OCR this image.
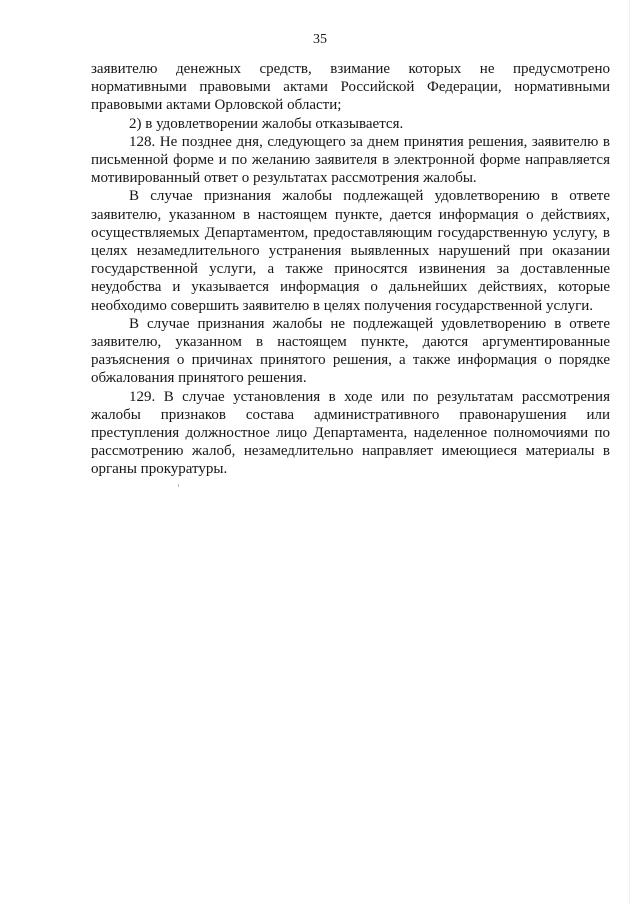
35

заявителю денежных средств, взимание которых не предусмотрено нормативными правовыми актами Российской Федерации, нормативными правовыми актами Орловской области;

2) в удовлетворении жалобы отказывается.

128. Не позднее дня, следующего за днем принятия решения, заявителю в письменной форме и по желанию заявителя в электронной форме направляется мотивированный ответ о результатах рассмотрения жалобы.

В случае признания жалобы подлежащей удовлетворению в ответе заявителю, указанном в настоящем пункте, дается информация о действиях, осуществляемых Департаментом, предоставляющим государственную услугу, в целях незамедлительного устранения выявленных нарушений при оказании государственной услуги, а также приносятся извинения за доставленные неудобства и указывается информация о дальнейших действиях, которые необходимо совершить заявителю в целях получения государственной услуги.

В случае признания жалобы не подлежащей удовлетворению в ответе заявителю, указанном в настоящем пункте, даются аргументированные разъяснения о причинах принятого решения, а также информация о порядке обжалования принятого решения.

129. В случае установления в ходе или по результатам рассмотрения жалобы признаков состава административного правонарушения или преступления должностное лицо Департамента, наделенное полномочиями по рассмотрению жалоб, незамедлительно направляет имеющиеся материалы в органы прокуратуры.
